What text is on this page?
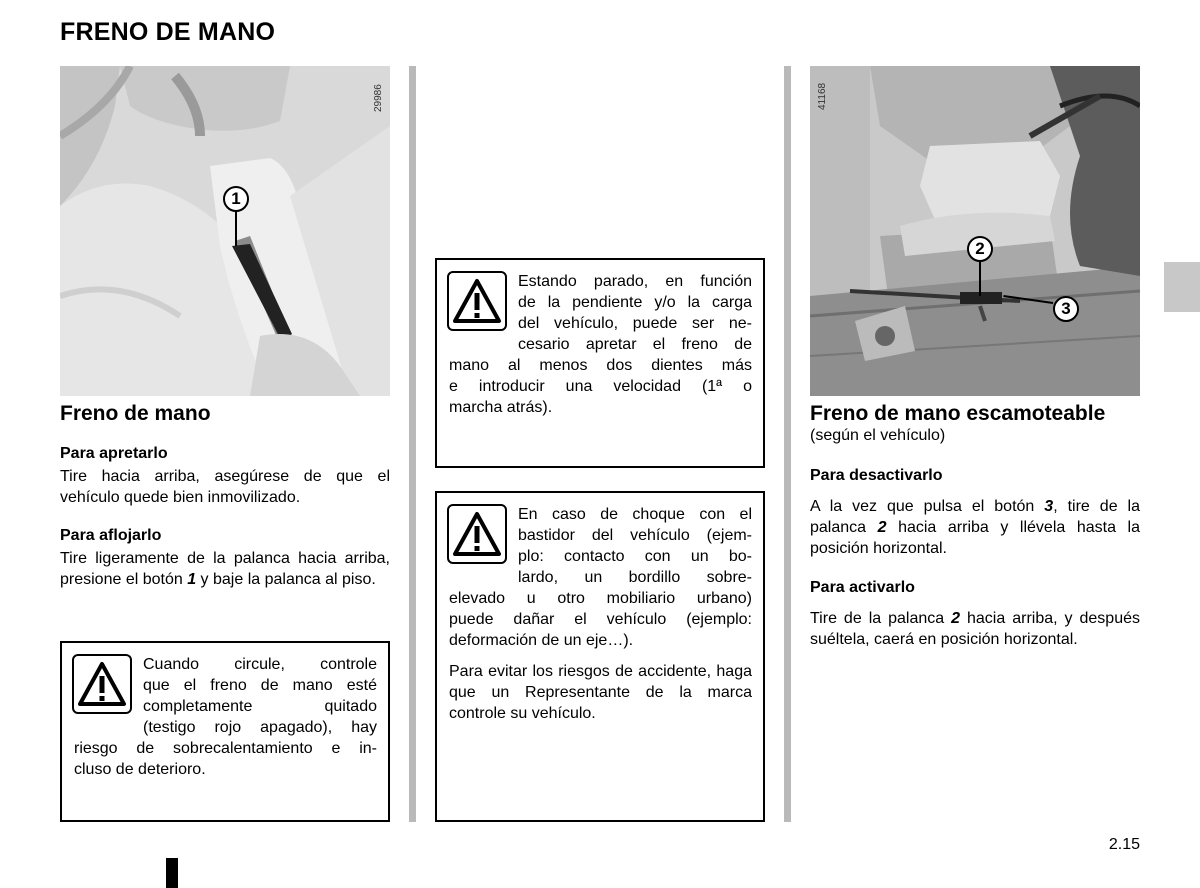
FRENO DE MANO
29986
1
Freno de mano
Para apretarlo
Tire hacia arriba, asegúrese de que el vehículo quede bien inmovilizado.
Para aflojarlo
Tire ligeramente de la palanca hacia arriba, presione el botón 1 y baje la palanca al piso.
Cuando circule, controle
que el freno de mano esté
completamente quitado
(testigo rojo apagado), hay
riesgo de sobrecalentamiento e in-
cluso de deterioro.
Estando parado, en función
de la pendiente y/o la carga
del vehículo, puede ser ne-
cesario apretar el freno de
mano al menos dos dientes más
e introducir una velocidad (1ª o
marcha atrás).
En caso de choque con el
bastidor del vehículo (ejem-
plo: contacto con un bo-
lardo, un bordillo sobre-
elevado u otro mobiliario urbano)
puede dañar el vehículo (ejemplo:
deformación de un eje…).
Para evitar los riesgos de accidente, haga que un Representante de la marca controle su vehículo.
41168
2
3
Freno de mano escamoteable
(según el vehículo)
Para desactivarlo
A la vez que pulsa el botón 3, tire de la palanca 2 hacia arriba y llévela hasta la posición horizontal.
Para activarlo
Tire de la palanca 2 hacia arriba, y después suéltela, caerá en posición horizontal.
2.15
